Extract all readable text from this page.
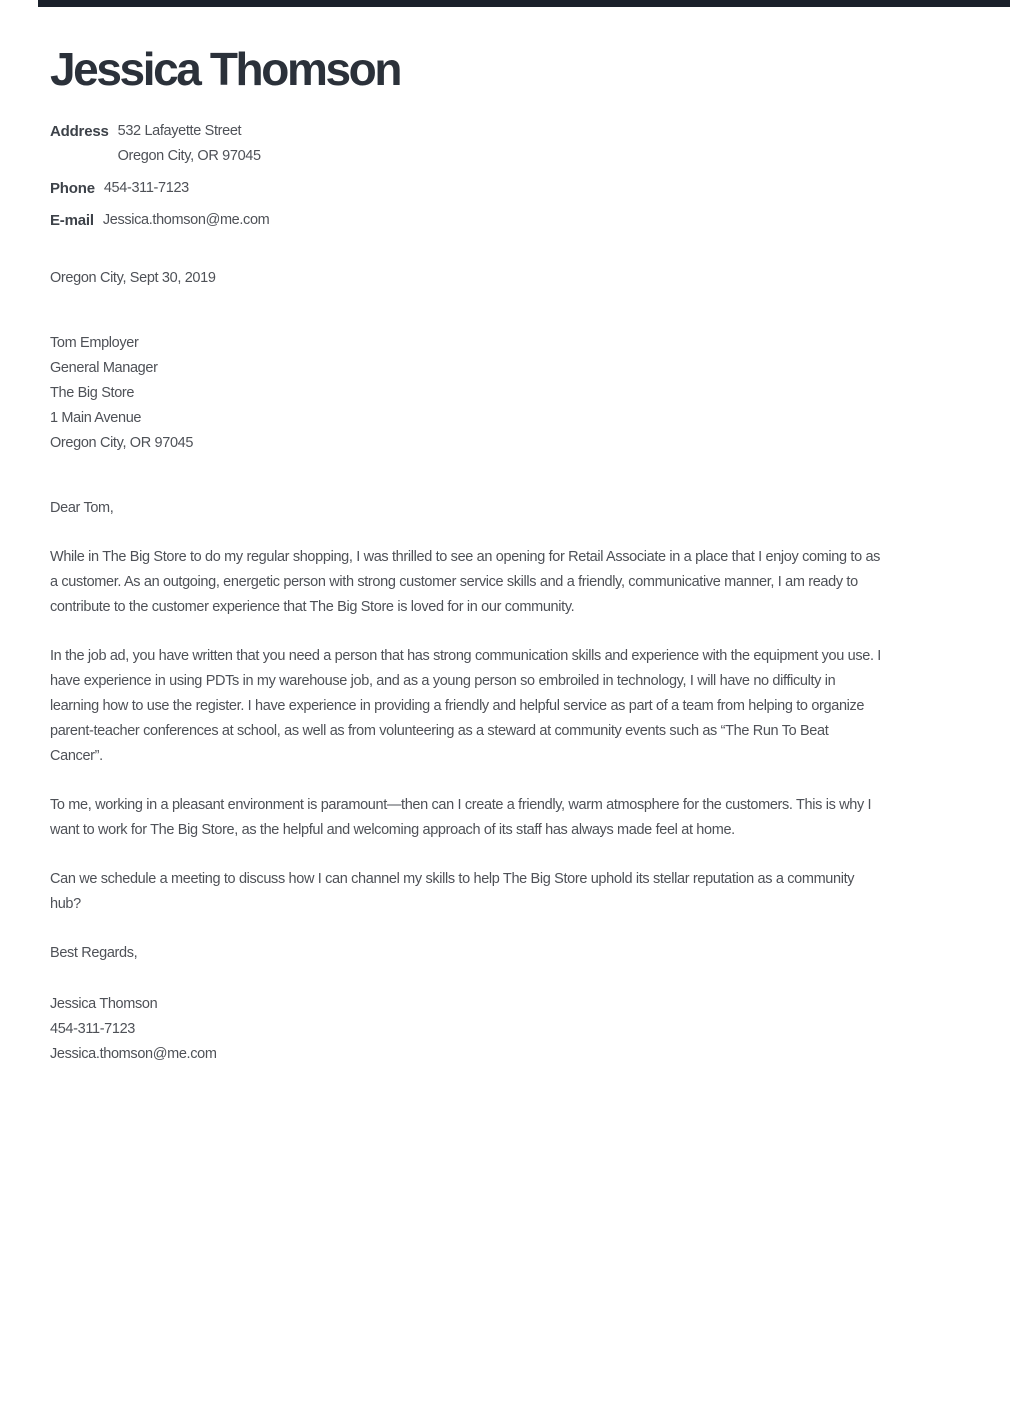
Jessica Thomson
Address 532 Lafayette Street
Oregon City, OR 97045
Phone 454-311-7123
E-mail Jessica.thomson@me.com
Oregon City, Sept 30, 2019
Tom Employer
General Manager
The Big Store
1 Main Avenue
Oregon City, OR 97045
Dear Tom,
While in The Big Store to do my regular shopping, I was thrilled to see an opening for Retail Associate in a place that I enjoy coming to as
a customer. As an outgoing, energetic person with strong customer service skills and a friendly, communicative manner, I am ready to
contribute to the customer experience that The Big Store is loved for in our community.
In the job ad, you have written that you need a person that has strong communication skills and experience with the equipment you use. I
have experience in using PDTs in my warehouse job, and as a young person so embroiled in technology, I will have no difficulty in
learning how to use the register. I have experience in providing a friendly and helpful service as part of a team from helping to organize
parent-teacher conferences at school, as well as from volunteering as a steward at community events such as “The Run To Beat
Cancer”.
To me, working in a pleasant environment is paramount—then can I create a friendly, warm atmosphere for the customers. This is why I
want to work for The Big Store, as the helpful and welcoming approach of its staff has always made feel at home.
Can we schedule a meeting to discuss how I can channel my skills to help The Big Store uphold its stellar reputation as a community
hub?
Best Regards,
Jessica Thomson
454-311-7123
Jessica.thomson@me.com
